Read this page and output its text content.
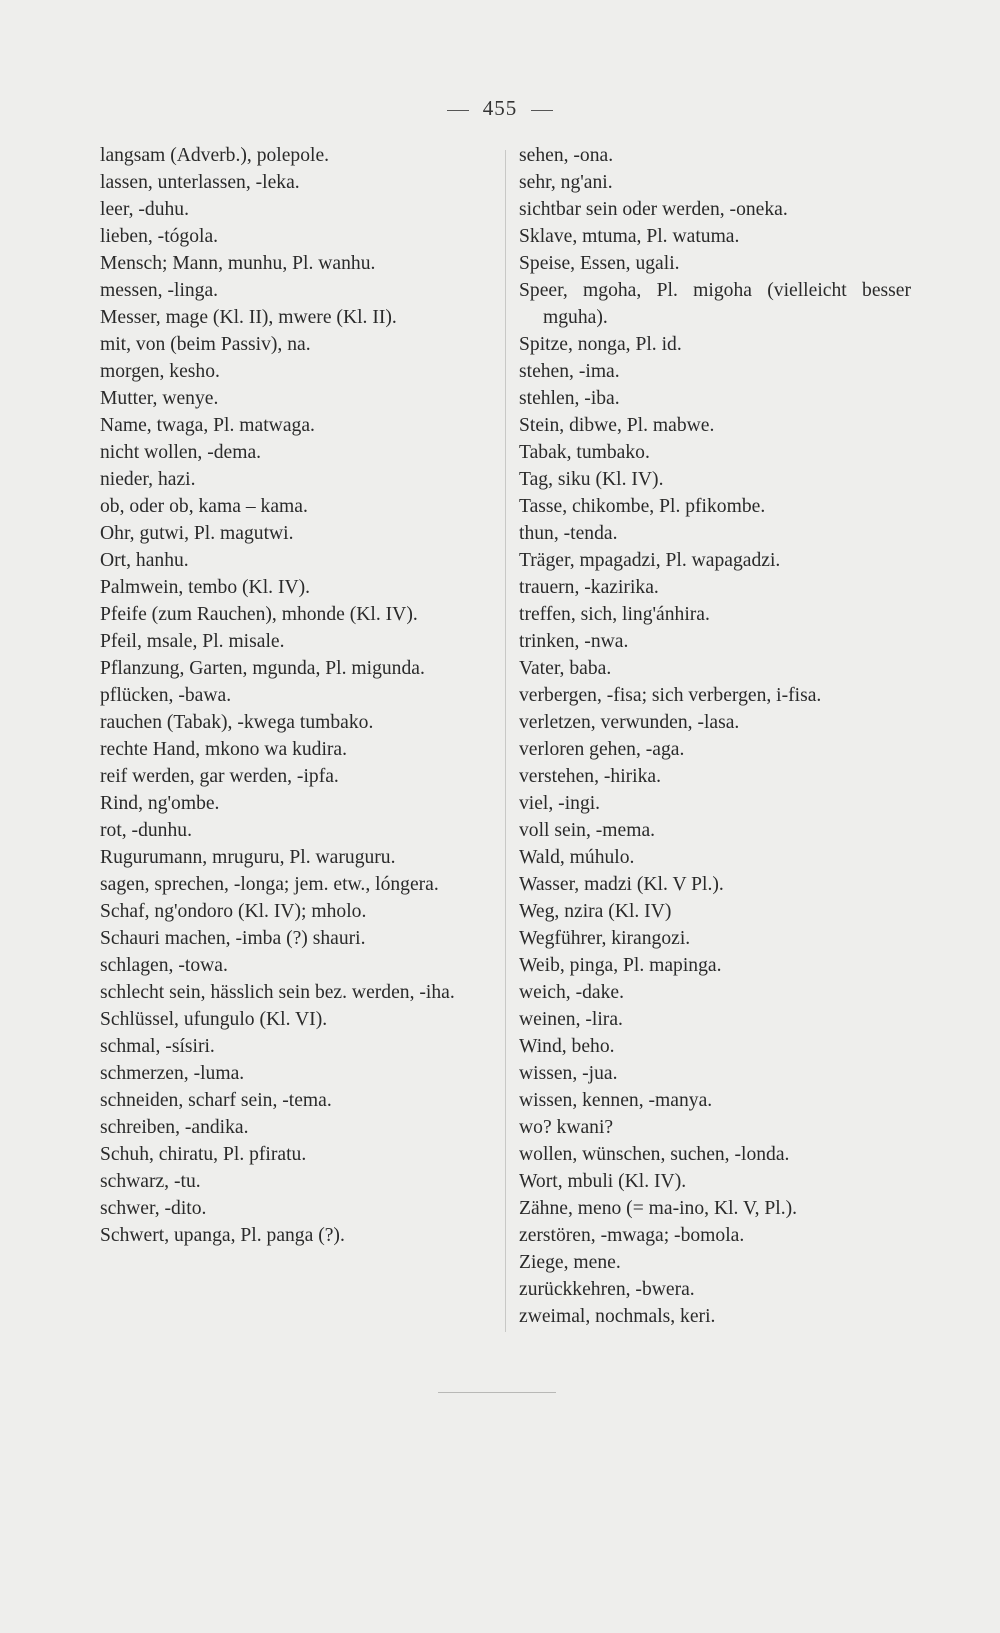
455

langsam (Adverb.), polepole.

lassen, unterlassen, -leka.

leer, -duhu.

lieben, -tógola.

Mensch; Mann, munhu, Pl. wanhu.

messen, -linga.

Messer, mage (Kl. II), mwere (Kl. II).

mit, von (beim Passiv), na.

morgen, kesho.

Mutter, wenye.

Name, twaga, Pl. matwaga.

nicht wollen, -dema.

nieder, hazi.

ob, oder ob, kama – kama.

Ohr, gutwi, Pl. magutwi.

Ort, hanhu.

Palmwein, tembo (Kl. IV).

Pfeife (zum Rauchen), mhonde (Kl. IV).

Pfeil, msale, Pl. misale.

Pflanzung, Garten, mgunda, Pl. migunda.

pflücken, -bawa.

rauchen (Tabak), -kwega tumbako.

rechte Hand, mkono wa kudira.

reif werden, gar werden, -ipfa.

Rind, ng'ombe.

rot, -dunhu.

Rugurumann, mruguru, Pl. waruguru.

sagen, sprechen, -longa; jem. etw., lóngera.

Schaf, ng'ondoro (Kl. IV); mholo.

Schauri machen, -imba (?) shauri.

schlagen, -towa.

schlecht sein, hässlich sein bez. werden, -iha.

Schlüssel, ufungulo (Kl. VI).

schmal, -sísiri.

schmerzen, -luma.

schneiden, scharf sein, -tema.

schreiben, -andika.

Schuh, chiratu, Pl. pfiratu.

schwarz, -tu.

schwer, -dito.

Schwert, upanga, Pl. panga (?).

sehen, -ona.

sehr, ng'ani.

sichtbar sein oder werden, -oneka.

Sklave, mtuma, Pl. watuma.

Speise, Essen, ugali.

Speer, mgoha, Pl. migoha (vielleicht besser mguha).

Spitze, nonga, Pl. id.

stehen, -ima.

stehlen, -iba.

Stein, dibwe, Pl. mabwe.

Tabak, tumbako.

Tag, siku (Kl. IV).

Tasse, chikombe, Pl. pfikombe.

thun, -tenda.

Träger, mpagadzi, Pl. wapagadzi.

trauern, -kazirika.

treffen, sich, ling'ánhira.

trinken, -nwa.

Vater, baba.

verbergen, -fisa; sich verbergen, i-fisa.

verletzen, verwunden, -lasa.

verloren gehen, -aga.

verstehen, -hirika.

viel, -ingi.

voll sein, -mema.

Wald, múhulo.

Wasser, madzi (Kl. V Pl.).

Weg, nzira (Kl. IV)

Wegführer, kirangozi.

Weib, pinga, Pl. mapinga.

weich, -dake.

weinen, -lira.

Wind, beho.

wissen, -jua.

wissen, kennen, -manya.

wo? kwani?

wollen, wünschen, suchen, -londa.

Wort, mbuli (Kl. IV).

Zähne, meno (= ma-ino, Kl. V, Pl.).

zerstören, -mwaga; -bomola.

Ziege, mene.

zurückkehren, -bwera.

zweimal, nochmals, keri.
